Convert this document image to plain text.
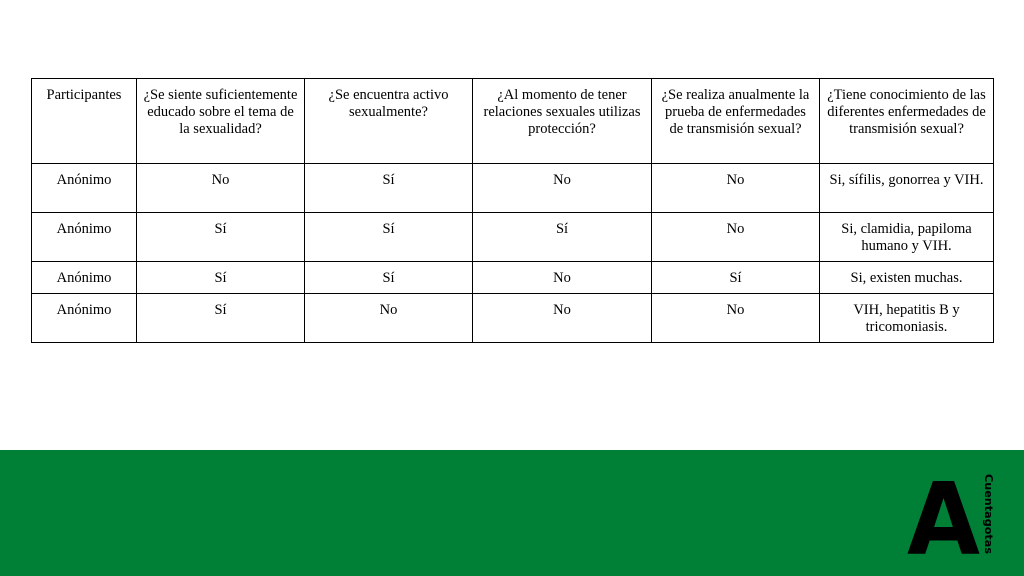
Participantes	¿Se siente suficientemente educado sobre el tema de la sexualidad?	¿Se encuentra activo sexualmente?	¿Al momento de tener relaciones sexuales utilizas protección?	¿Se realiza anualmente la prueba de enfermedades de transmisión sexual?	¿Tiene conocimiento de las diferentes enfermedades de transmisión sexual?
Anónimo	No	Sí	No	No	Si, sífilis, gonorrea y VIH.
Anónimo	Sí	Sí	Sí	No	Si, clamidia, papiloma humano y VIH.
Anónimo	Sí	Sí	No	Sí	Si, existen muchas.
Anónimo	Sí	No	No	No	VIH, hepatitis B y tricomoniasis.
A Cuentagotas
